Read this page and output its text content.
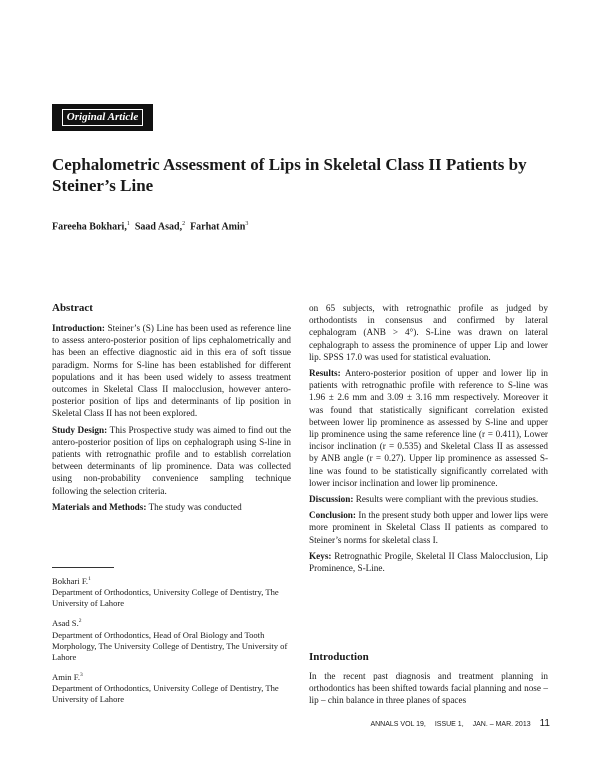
Original Article
Cephalometric Assessment of Lips in Skeletal Class II Patients by Steiner’s Line
Fareeha Bokhari,$^1$ Saad Asad,$^2$ Farhat Amin$^3$
Abstract

Introduction: Steiner’s (S) Line has been used as reference line to assess antero-posterior position of lips cephalometrically and has been an effective diagnostic aid in this era of soft tissue paradigm. Norms for S-line has been established for different populations and it has been used widely to assess treatment outcomes in Skeletal Class II malocclusion, however antero-posterior position of lips and determinants of lip position in Skeletal Class II has not been explored.

Study Design: This Prospective study was aimed to find out the antero-posterior position of lips on cephalograph using S-line in patients with retrognathic profile and to establish correlation between determinants of lip prominence. Data was collected using non-probability convenience sampling technique following the selection criteria.

Materials and Methods: The study was conducted

Bokhari F.$^1$
Department of Orthodontics, University College of Dentistry, The University of Lahore

Asad S.$^2$
Department of Orthodontics, Head of Oral Biology and Tooth Morphology, The University College of Dentistry, The University of Lahore

Amin F.$^3$
Department of Orthodontics, University College of Dentistry, The University of Lahore

on 65 subjects, with retrognathic profile as judged by orthodontists in consensus and confirmed by lateral cephalogram (ANB > 4°). S-Line was drawn on lateral cephalograph to assess the prominence of upper Lip and lower lip. SPSS 17.0 was used for statistical evaluation.

Results: Antero-posterior position of upper and lower lip in patients with retrognathic profile with reference to S-line was 1.96 ± 2.6 mm and 3.09 ± 3.16 mm respectively. Moreover it was found that statistically significant correlation existed between lower lip prominence as assessed by S-line and upper lip prominence using the same reference line (r = 0.411), Lower incisor inclination (r = 0.535) and Skeletal Class II as assessed by ANB angle (r = 0.27). Upper lip prominence as assessed S-line was found to be statistically significantly correlated with lower incisor inclination and lower lip prominence.

Discussion: Results were compliant with the previous studies.

Conclusion: In the present study both upper and lower lips were more prominent in Skeletal Class II patients as compared to Steiner’s norms for skeletal class I.

Keys: Retrognathic Progile, Skeletal II Class Malocclusion, Lip Prominence, S-Line.

Introduction

In the recent past diagnosis and treatment planning in orthodontics has been shifted towards facial planning and nose – lip – chin balance in three planes of spaces

ANNALS VOL 19, ISSUE 1, JAN. – MAR. 2013 11
